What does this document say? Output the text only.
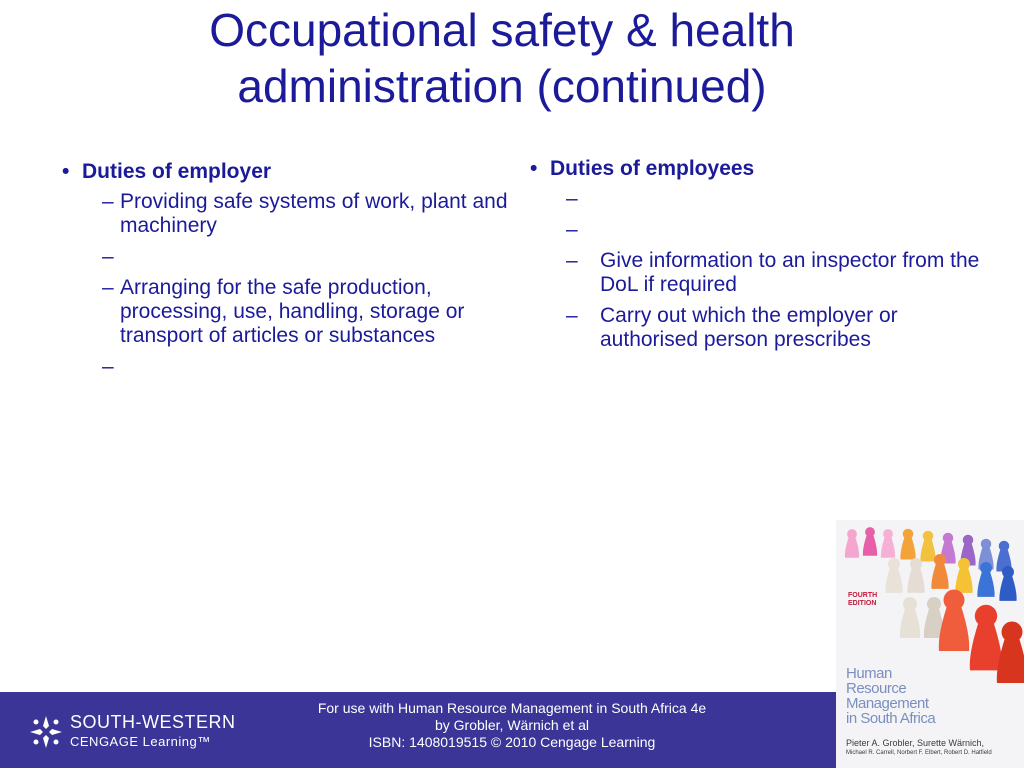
Occupational safety & health
administration (continued)
• Duties of employer
– Providing safe systems of work, plant and machinery
–
– Arranging for the safe production, processing, use, handling, storage or transport of articles or substances
–
• Duties of employees
–
–
–	Give information to an inspector from the DoL if required
–	Carry out which the employer or authorised person prescribes
SOUTH-WESTERN
CENGAGE Learning™
For use with Human Resource Management in South Africa 4e
by Grobler, Wärnich et al
ISBN: 1408019515 © 2010 Cengage Learning
FOURTH
EDITION
Human
Resource
Management
in South Africa
Pieter A. Grobler, Surette Wärnich,
Michael R. Carrell, Norbert F. Elbert, Robert D. Hatfield
